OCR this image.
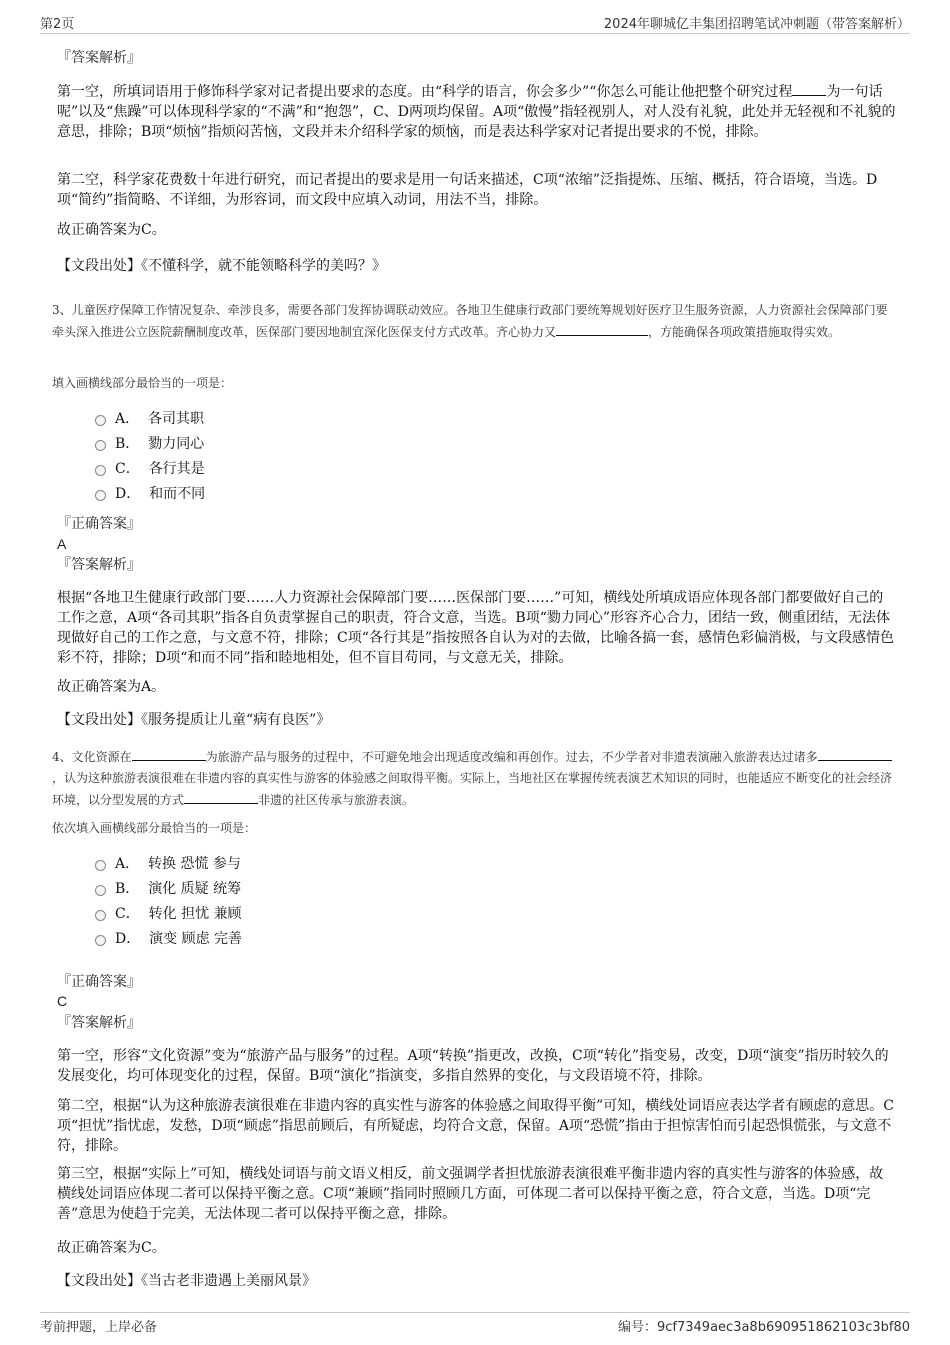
第2页	2024年聊城亿丰集团招聘笔试冲刺题（带答案解析）
『答案解析』

第一空，所填词语用于修饰科学家对记者提出要求的态度。由“科学的语言，你会多少”“你怎么可能让他把整个研究过程 为一句话呢”以及“焦躁”可以体现科学家的“不满”和“抱怨”，C、D两项均保留。A项“傲慢”指轻视别人，对人没有礼貌，此处并无轻视和不礼貌的意思，排除；B项“烦恼”指烦闷苦恼，文段并未介绍科学家的烦恼，而是表达科学家对记者提出要求的不悦，排除。

第二空，科学家花费数十年进行研究，而记者提出的要求是用一句话来描述，C项“浓缩”泛指提炼、压缩、概括，符合语境，当选。D项“简约”指简略、不详细，为形容词，而文段中应填入动词，用法不当，排除。
故正确答案为C。
【文段出处】《不懂科学，就不能领略科学的美吗？》
3、儿童医疗保障工作情况复杂、牵涉良多，需要各部门发挥协调联动效应。各地卫生健康行政部门要统筹规划好医疗卫生服务资源，人力资源社会保障部门要牵头深入推进公立医院薪酬制度改革，医保部门要因地制宜深化医保支付方式改革。齐心协力又	，方能确保各项政策措施取得实效。
填入画横线部分最恰当的一项是：
A． 各司其职
B． 勠力同心
C． 各行其是
D． 和而不同
『正确答案』
A
『答案解析』
根据“各地卫生健康行政部门要……人力资源社会保障部门要……医保部门要……”可知，横线处所填成语应体现各部门都要做好自己的工作之意，A项“各司其职”指各自负责掌握自己的职责，符合文意，当选。B项“勠力同心”形容齐心合力，团结一致，侧重团结，无法体现做好自己的工作之意，与文意不符，排除；C项“各行其是”指按照各自认为对的去做，比喻各搞一套，感情色彩偏消极，与文段感情色彩不符，排除；D项“和而不同”指和睦地相处，但不盲目苟同，与文意无关，排除。
故正确答案为A。
【文段出处】《服务提质让儿童“病有良医”》
4、文化资源在	为旅游产品与服务的过程中，不可避免地会出现适度改编和再创作。过去，不少学者对非遗表演融入旅游表达过诸多，认为这种旅游表演很难在非遗内容的真实性与游客的体验感之间取得平衡。实际上，当地社区在掌握传统表演艺术知识的同时，也能适应不断变化的社会经济环境，以分型发展的方式	非遗的社区传承与旅游表演。
依次填入画横线部分最恰当的一项是：
A． 转换 恐慌 参与
B． 演化 质疑 统筹
C． 转化 担忧 兼顾
D． 演变 顾虑 完善
『正确答案』
C
『答案解析』
第一空，形容“文化资源”变为“旅游产品与服务”的过程。A项“转换”指更改，改换，C项“转化”指变易，改变，D项“演变”指历时较久的发展变化，均可体现变化的过程，保留。B项“演化”指演变，多指自然界的变化，与文段语境不符，排除。
第二空，根据“认为这种旅游表演很难在非遗内容的真实性与游客的体验感之间取得平衡”可知，横线处词语应表达学者有顾虑的意思。C项“担忧”指忧虑，发愁，D项“顾虑”指思前顾后，有所疑虑，均符合文意，保留。A项“恐慌”指由于担惊害怕而引起恐惧慌张，与文意不符，排除。
第三空，根据“实际上”可知，横线处词语与前文语义相反，前文强调学者担忧旅游表演很难平衡非遗内容的真实性与游客的体验感，故横线处词语应体现二者可以保持平衡之意。C项“兼顾”指同时照顾几方面，可体现二者可以保持平衡之意，符合文意，当选。D项“完善”意思为使趋于完美，无法体现二者可以保持平衡之意，排除。
故正确答案为C。
【文段出处】《当古老非遗遇上美丽风景》
考前押题，上岸必备	编号：9cf7349aec3a8b690951862103c3bf80
